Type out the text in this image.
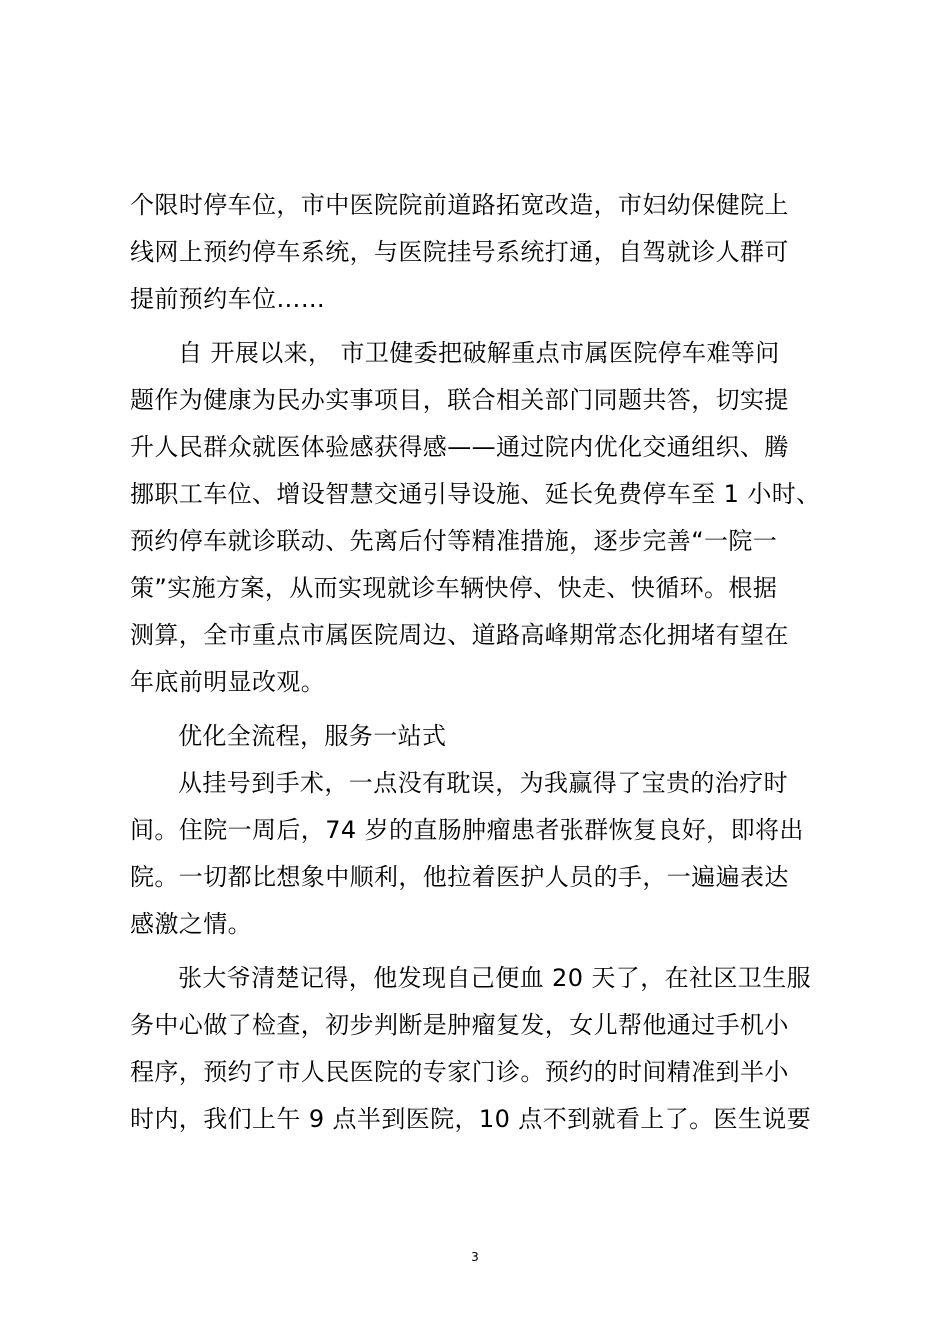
个限时停车位，市中医院院前道路拓宽改造，市妇幼保健院上
线网上预约停车系统，与医院挂号系统打通，自驾就诊人群可
提前预约车位……
自 开展以来， 市卫健委把破解重点市属医院停车难等问
题作为健康为民办实事项目，联合相关部门同题共答，切实提
升人民群众就医体验感获得感——通过院内优化交通组织、腾
挪职工车位、增设智慧交通引导设施、延长免费停车至 1 小时、
预约停车就诊联动、先离后付等精准措施，逐步完善“一院一
策”实施方案，从而实现就诊车辆快停、快走、快循环。根据
测算，全市重点市属医院周边、道路高峰期常态化拥堵有望在
年底前明显改观。
优化全流程，服务一站式
从挂号到手术，一点没有耽误，为我赢得了宝贵的治疗时
间。住院一周后，74 岁的直肠肿瘤患者张群恢复良好，即将出
院。一切都比想象中顺利，他拉着医护人员的手，一遍遍表达
感激之情。
张大爷清楚记得，他发现自己便血 20 天了，在社区卫生服
务中心做了检查，初步判断是肿瘤复发，女儿帮他通过手机小
程序，预约了市人民医院的专家门诊。预约的时间精准到半小
时内，我们上午 9 点半到医院，10 点不到就看上了。医生说要
3
